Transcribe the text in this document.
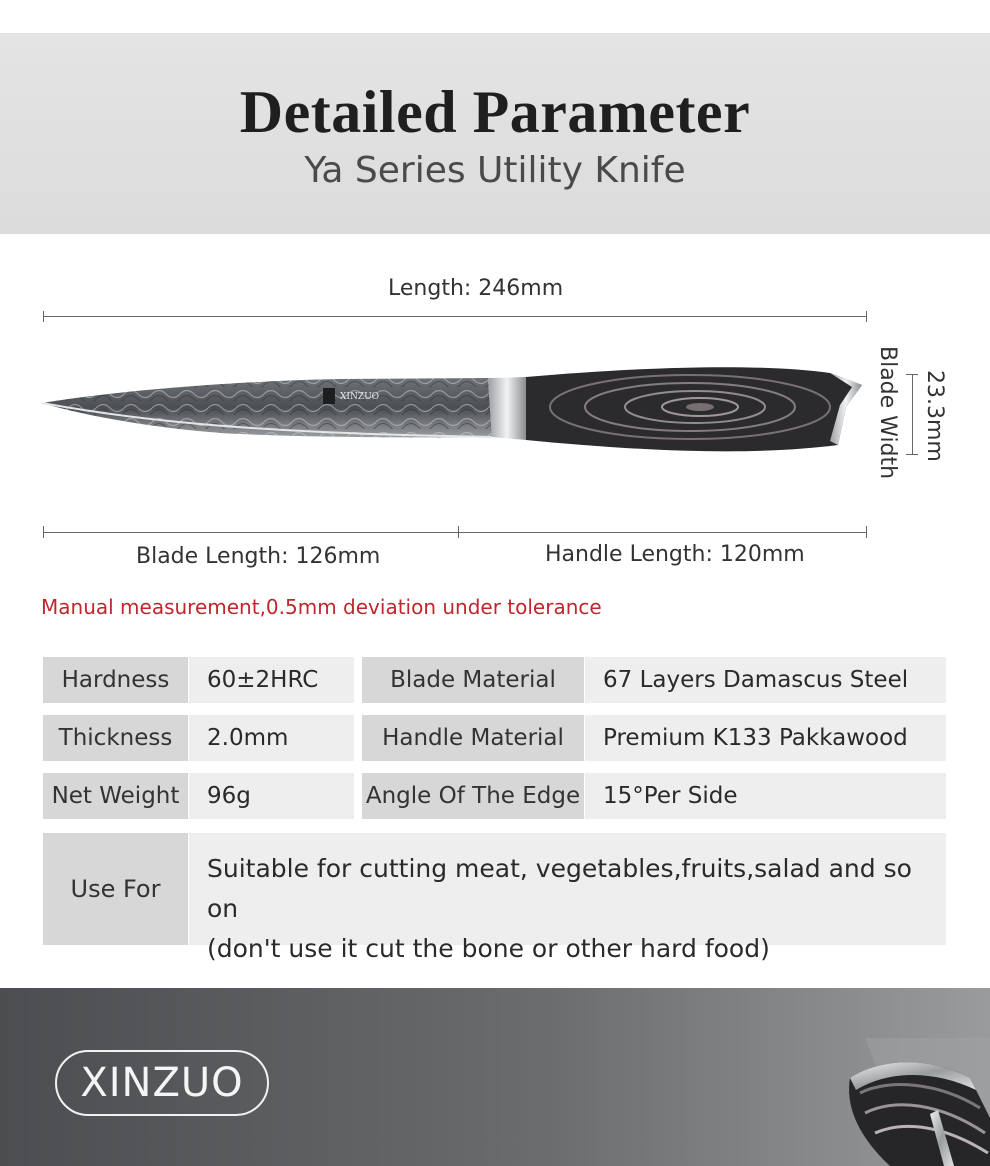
Detailed Parameter
Ya Series Utility Knife
Length: 246mm
XINZUO	Blade Width 23.3mm
Blade Length: 126mm	Handle Length: 120mm
Manual measurement,0.5mm deviation under tolerance
Hardness	60±2HRC	Blade Material	67 Layers Damascus Steel
Thickness	2.0mm	Handle Material	Premium K133 Pakkawood
Net Weight	96g	Angle Of The Edge 15°Per Side
Use For
Suitable for cutting meat, vegetables,fruits,salad and so on
(don't use it cut the bone or other hard food)
XINZUO
